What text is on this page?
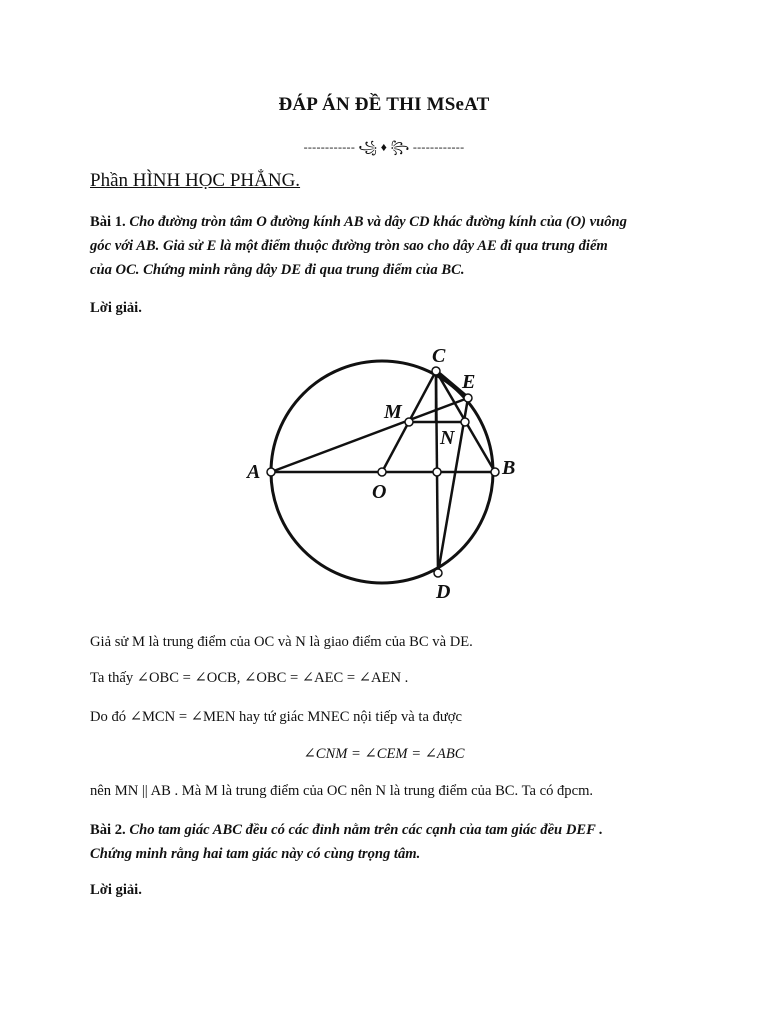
ĐÁP ÁN ĐỀ THI MSeAT
------------ ꧁ ♦ ꧂ ------------
Phần HÌNH HỌC PHẲNG.
Bài 1. Cho đường tròn tâm O đường kính AB và dây CD khác đường kính của (O) vuông
góc với AB. Giả sử E là một điểm thuộc đường tròn sao cho dây AE đi qua trung điểm
của OC. Chứng minh rằng dây DE đi qua trung điểm của BC.
Lời giải.
A	B
C
D
E
M
N
O
Giả sử M là trung điểm của OC và N là giao điểm của BC và DE.
Ta thấy ∠OBC = ∠OCB, ∠OBC = ∠AEC = ∠AEN .
Do đó ∠MCN = ∠MEN hay tứ giác MNEC nội tiếp và ta được
∠CNM = ∠CEM = ∠ABC
nên MN || AB . Mà M là trung điểm của OC nên N là trung điểm của BC. Ta có đpcm.
Bài 2. Cho tam giác ABC đều có các đỉnh nằm trên các cạnh của tam giác đều DEF .
Chứng minh rằng hai tam giác này có cùng trọng tâm.
Lời giải.
